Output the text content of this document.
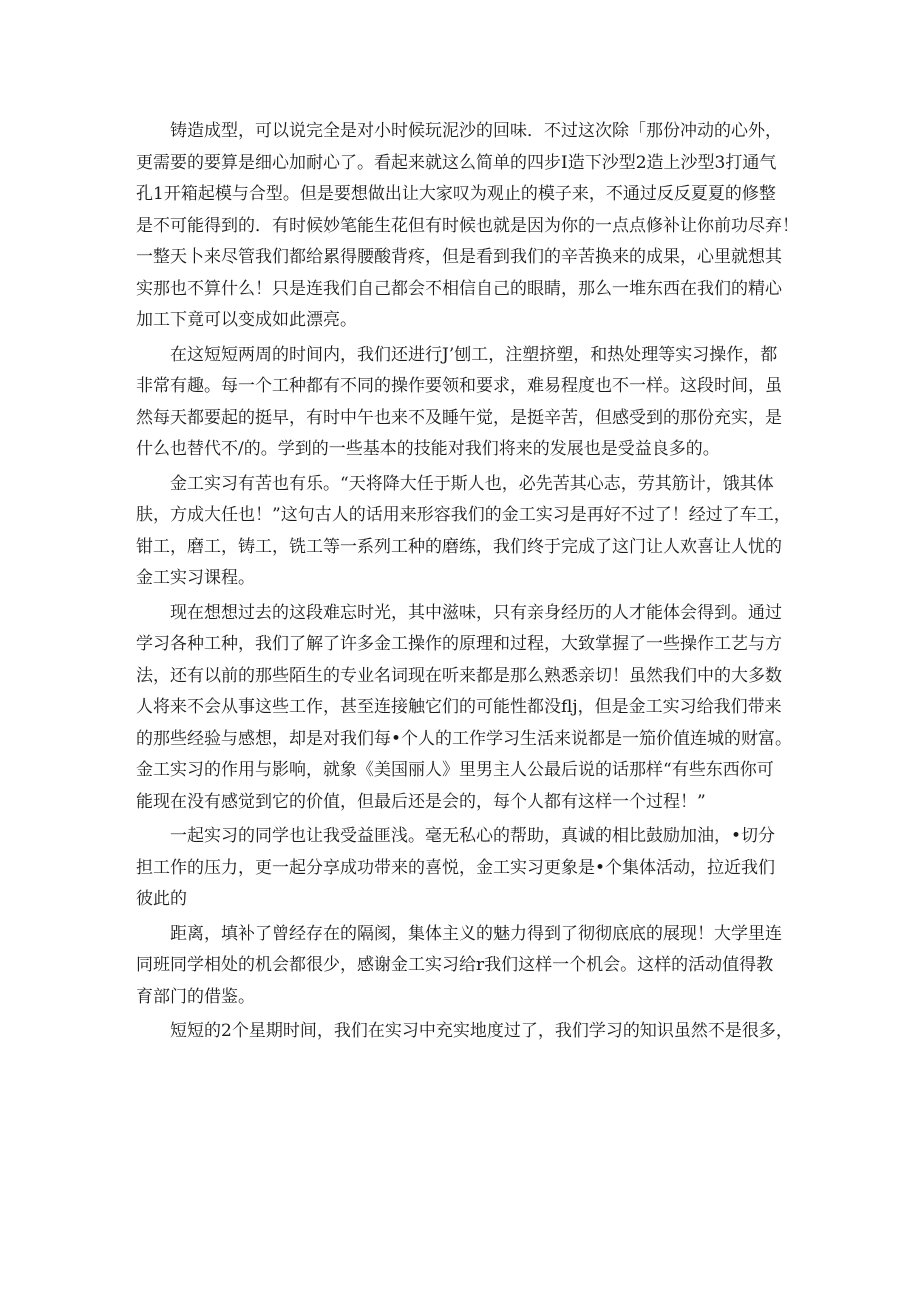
铸造成型，可以说完全是对小时候玩泥沙的回味．不过这次除「那份冲动的心外，
更需要的要算是细心加耐心了。看起来就这么简单的四步I造下沙型2造上沙型3打通气
孔1开箱起模与合型。但是要想做出让大家叹为观止的模子来，不通过反反夏夏的修整
是不可能得到的．有时候妙笔能生花但有时候也就是因为你的一点点修补让你前功尽弃！
一整天卜来尽管我们都给累得腰酸背疼，但是看到我们的辛苦换来的成果，心里就想其
实那也不算什么！只是连我们自己都会不相信自己的眼睛，那么一堆东西在我们的精心
加工下竟可以变成如此漂亮。
在这短短两周的时间内，我们还进行J’刨工，注塑挤塑，和热处理等实习操作，都
非常有趣。每一个工种都有不同的操作要领和要求，难易程度也不一样。这段时间，虽
然每天都要起的挺早，有时中午也来不及睡午觉，是挺辛苦，但感受到的那份充实，是
什么也替代不/的。学到的一些基本的技能对我们将来的发展也是受益良多的。
金工实习有苦也有乐。“天将降大任于斯人也，必先苦其心志，劳其筋计，饿其体
肤，方成大任也！”这句古人的话用来形容我们的金工实习是再好不过了！经过了车工，
钳工，磨工，铸工，铣工等一系列工种的磨练，我们终于完成了这门让人欢喜让人忧的
金工实习课程。
现在想想过去的这段难忘时光，其中滋味，只有亲身经历的人才能体会得到。通过
学习各种工种，我们了解了许多金工操作的原理和过程，大致掌握了一些操作工艺与方
法，还有以前的那些陌生的专业名词现在听来都是那么熟悉亲切！虽然我们中的大多数
人将来不会从事这些工作，甚至连接触它们的可能性都没flj，但是金工实习给我们带来
的那些经验与感想，却是对我们每•个人的工作学习生活来说都是一笳价值连城的财富。
金工实习的作用与影响，就象《美国丽人》里男主人公最后说的话那样“有些东西你可
能现在没有感觉到它的价值，但最后还是会的，每个人都有这样一个过程！”
一起实习的同学也让我受益匪浅。毫无私心的帮助，真诚的相比鼓励加油，•切分
担工作的压力，更一起分享成功带来的喜悦，金工实习更象是•个集体活动，拉近我们
彼此的
距离，填补了曾经存在的隔阂，集体主义的魅力得到了彻彻底底的展现！大学里连
同班同学相处的机会都很少，感谢金工实习给r我们这样一个机会。这样的活动值得教
育部门的借鉴。
短短的2个星期时间，我们在实习中充实地度过了，我们学习的知识虽然不是很多，
